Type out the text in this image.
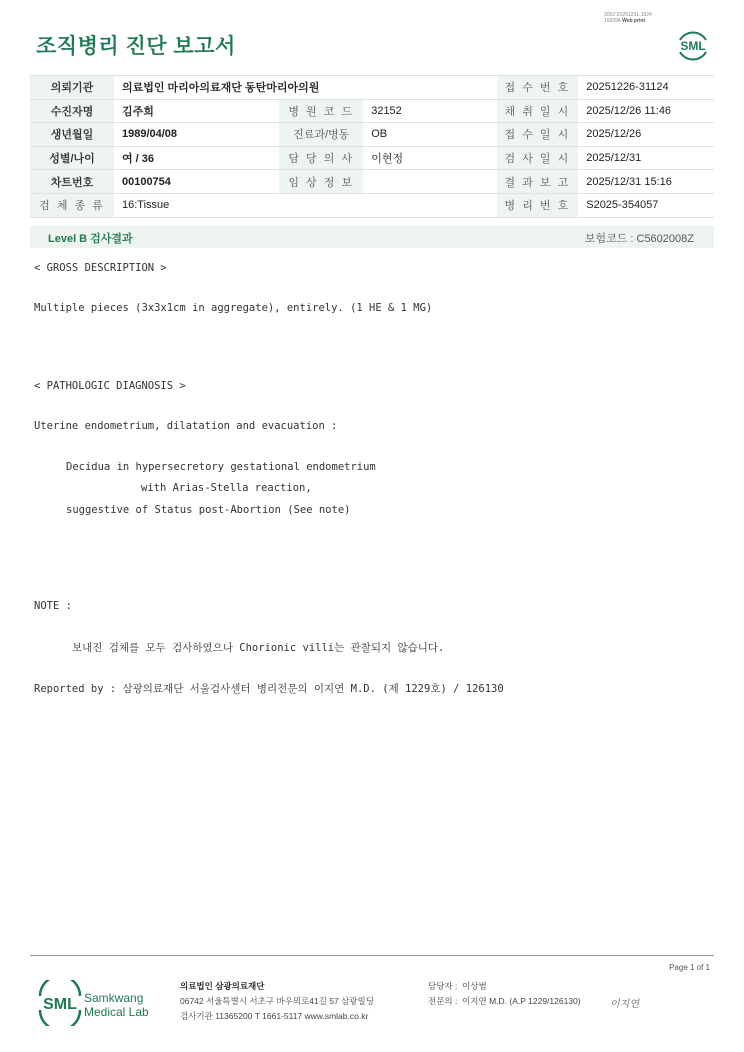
조직병리 진단 보고서
3052-20251231-1524
102094 Web print
SML
의뢰기관	의료법인 마리아의료재단 동탄마리아의원			접 수 번 호	20251226-31124
수진자명	김주희	병 원 코 드	32152	채 취 일 시	2025/12/26 11:46
생년월일	1989/04/08	진료과/병동	OB	접 수 일 시	2025/12/26
성별/나이	여 / 36	담 당 의 사	이현정	검 사 일 시	2025/12/31
차트번호	00100754	임 상 정 보		결 과 보 고	2025/12/31 15:16
검 체 종 류	16:Tissue			병 리 번 호	S2025-354057
Level B 검사결과	보험코드 : C5602008Z
< GROSS DESCRIPTION >
Multiple pieces (3x3x1cm in aggregate), entirely. (1 HE & 1 MG)
< PATHOLOGIC DIAGNOSIS >
Uterine endometrium, dilatation and evacuation :
Decidua in hypersecretory gestational endometrium
with Arias-Stella reaction,
suggestive of Status post-Abortion (See note)
NOTE :
보내진 검체를 모두 검사하였으나 Chorionic villi는 관찰되지 않습니다.
Reported by : 삼광의료재단 서울검사센터 병리전문의 이지연 M.D. (제 1229호) / 126130
Page 1 of 1
SML Samkwang
Medical Lab
의료법인 삼광의료재단
06742 서울특별시 서초구 바우뫼로41길 57 삼광빌딩
검사기관 11365200 T 1661-5117 www.smlab.co.kr
담당자 : 이상범
전문의 : 이지연 M.D. (A.P 1229/126130)	이지연
